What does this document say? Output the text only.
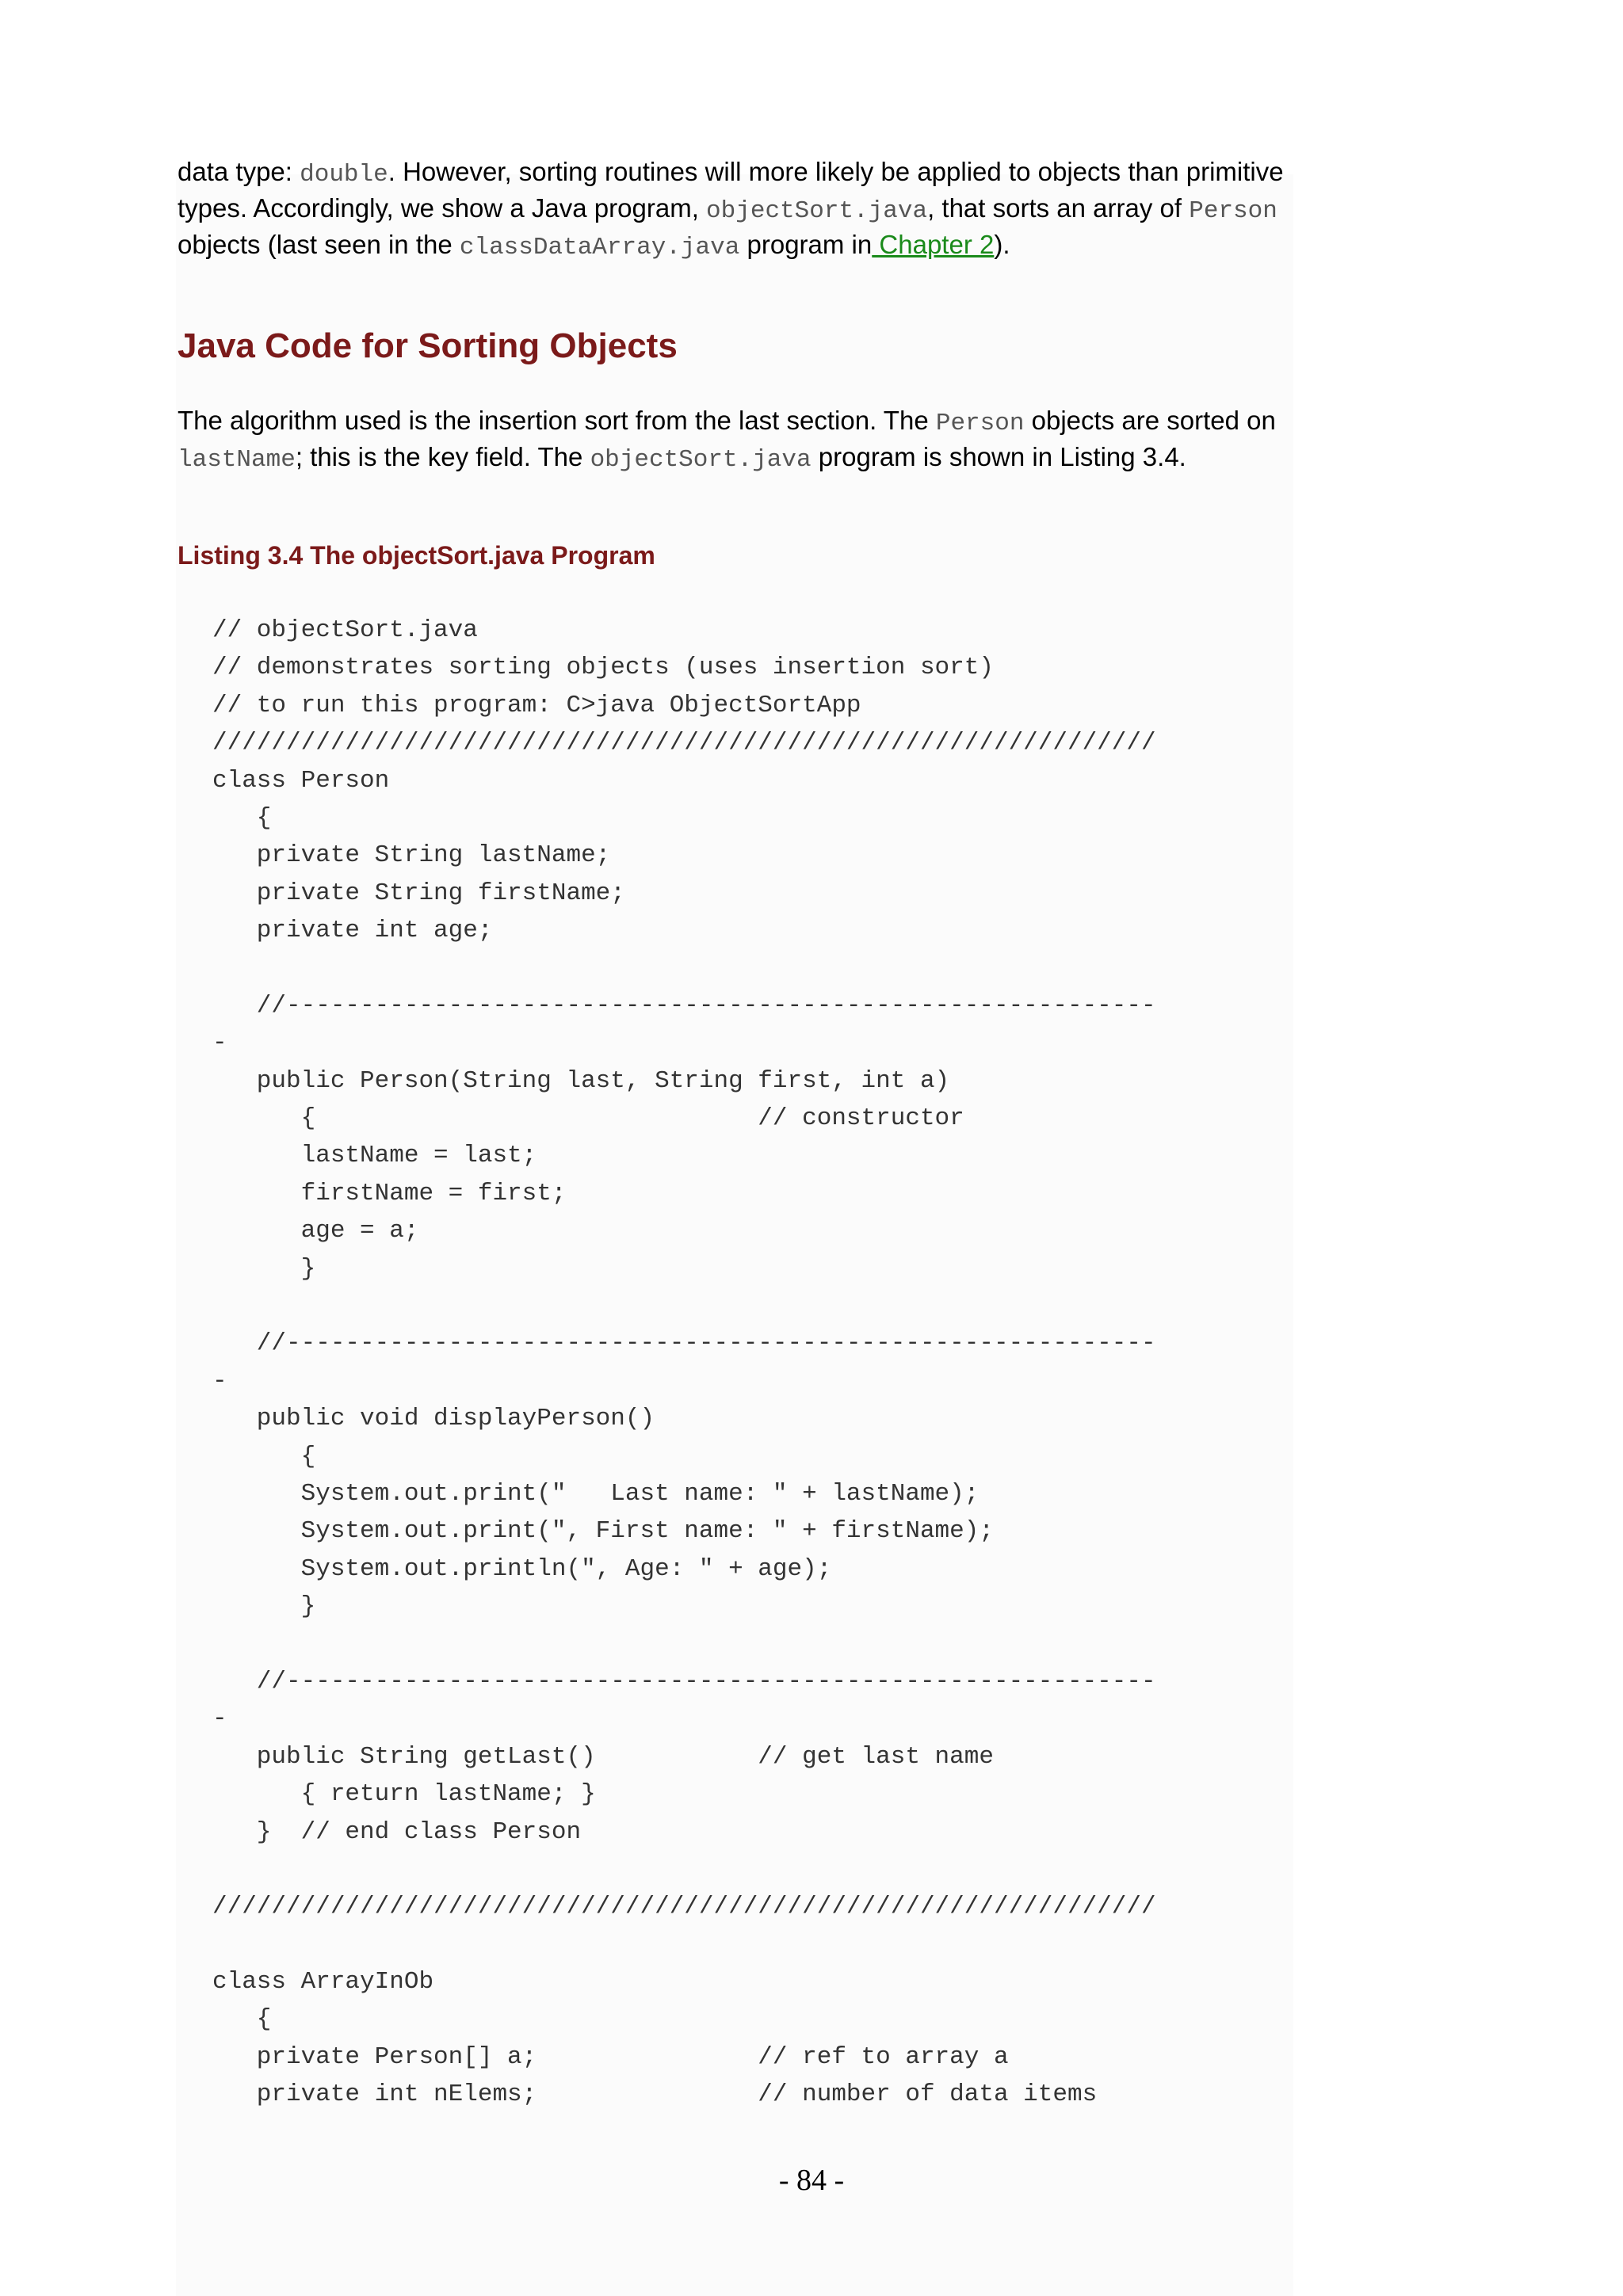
data type: double. However, sorting routines will more likely be applied to objects than primitive types. Accordingly, we show a Java program, objectSort.java, that sorts an array of Person objects (last seen in the classDataArray.java program in Chapter 2).

Java Code for Sorting Objects

The algorithm used is the insertion sort from the last section. The Person objects are sorted on lastName; this is the key field. The objectSort.java program is shown in Listing 3.4.

Listing 3.4 The objectSort.java Program
// objectSort.java
// demonstrates sorting objects (uses insertion sort)
// to run this program: C>java ObjectSortApp
////////////////////////////////////////////////////////////////
class Person
{
private String lastName;
private String firstName;
private int age;
//-----------------------------------------------------------
-
public Person(String last, String first, int a)
{                              // constructor
lastName = last;
firstName = first;
age = a;
}
//-----------------------------------------------------------
-
public void displayPerson()
{
System.out.print("   Last name: " + lastName);
System.out.print(", First name: " + firstName);
System.out.println(", Age: " + age);
}
//-----------------------------------------------------------
-
public String getLast()           // get last name
{ return lastName; }
}  // end class Person
////////////////////////////////////////////////////////////////
class ArrayInOb
{
private Person[] a;               // ref to array a
private int nElems;               // number of data items
- 84 -
